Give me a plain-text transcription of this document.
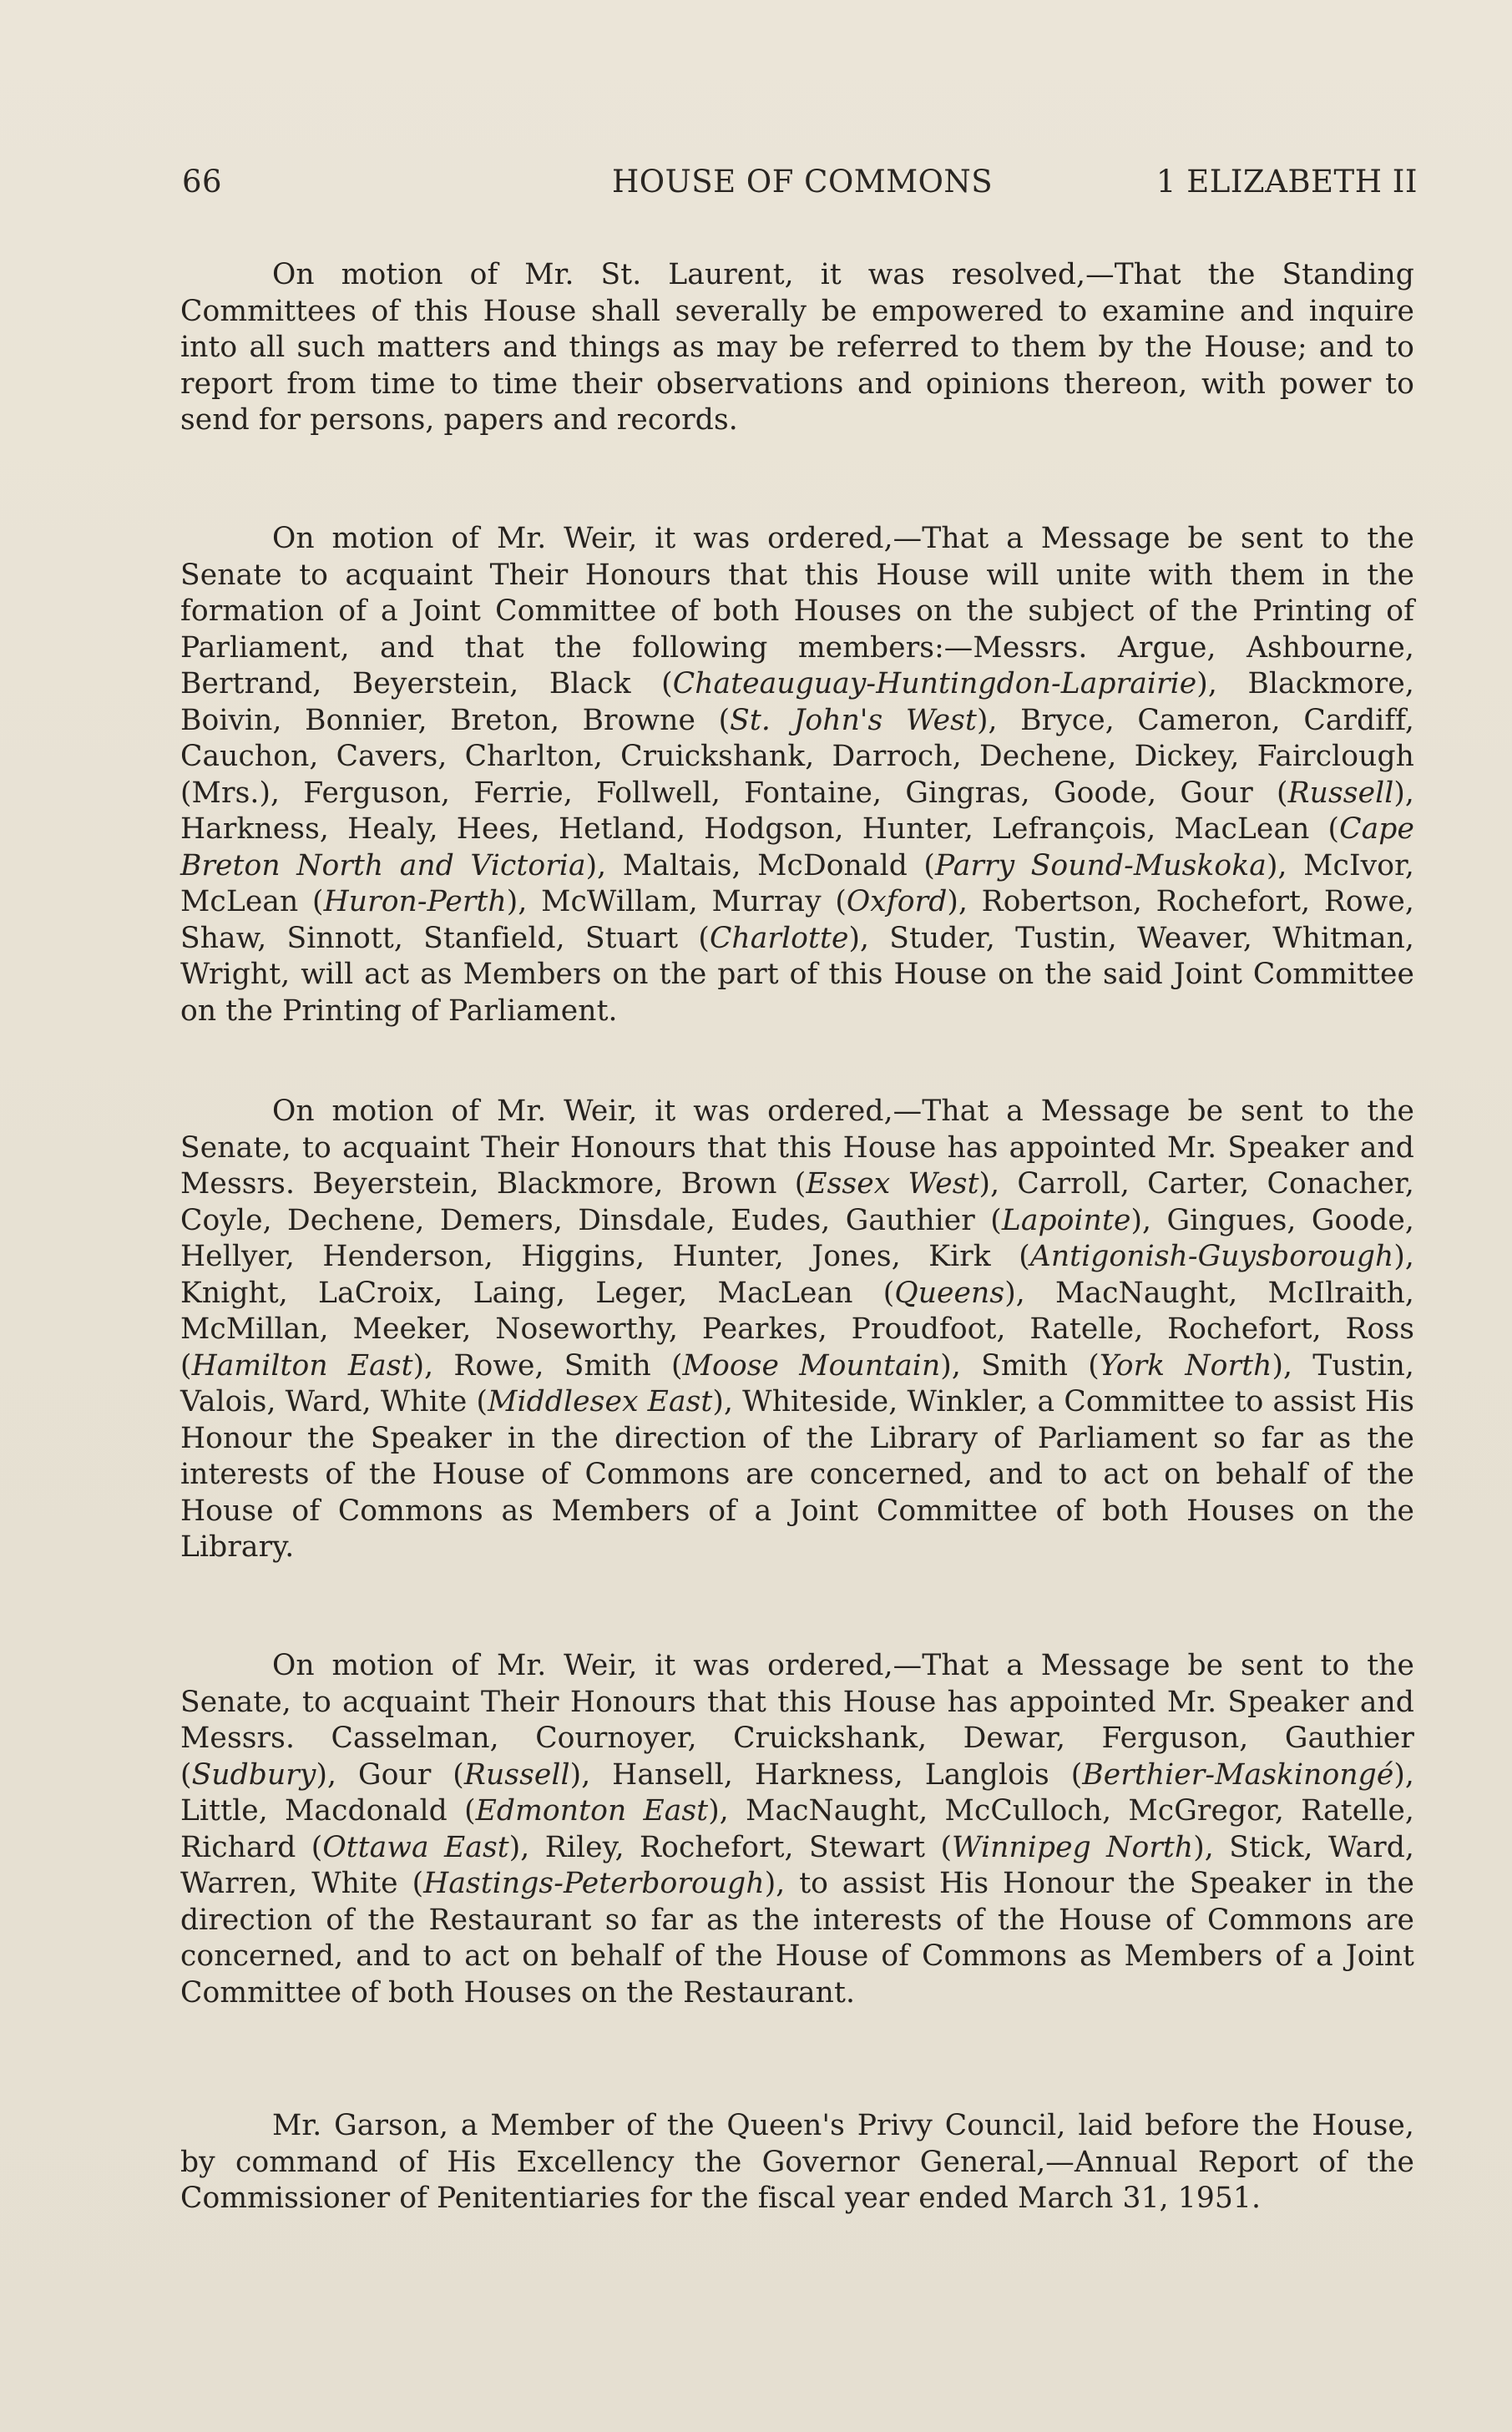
66	HOUSE OF COMMONS	1 ELIZABETH II

On motion of Mr. St. Laurent, it was resolved,—That the Standing Committees of this House shall severally be empowered to examine and inquire into all such matters and things as may be referred to them by the House; and to report from time to time their observations and opinions thereon, with power to send for persons, papers and records.

On motion of Mr. Weir, it was ordered,—That a Message be sent to the Senate to acquaint Their Honours that this House will unite with them in the formation of a Joint Committee of both Houses on the subject of the Printing of Parliament, and that the following members:—Messrs. Argue, Ashbourne, Bertrand, Beyerstein, Black (Chateauguay-Huntingdon-Laprairie), Blackmore, Boivin, Bonnier, Breton, Browne (St. John's West), Bryce, Cameron, Cardiff, Cauchon, Cavers, Charlton, Cruickshank, Darroch, Dechene, Dickey, Fairclough (Mrs.), Ferguson, Ferrie, Follwell, Fontaine, Gingras, Goode, Gour (Russell), Harkness, Healy, Hees, Hetland, Hodgson, Hunter, Lefrançois, MacLean (Cape Breton North and Victoria), Maltais, McDonald (Parry Sound-Muskoka), McIvor, McLean (Huron-Perth), McWillam, Murray (Oxford), Robertson, Rochefort, Rowe, Shaw, Sinnott, Stanfield, Stuart (Charlotte), Studer, Tustin, Weaver, Whitman, Wright, will act as Members on the part of this House on the said Joint Committee on the Printing of Parliament.

On motion of Mr. Weir, it was ordered,—That a Message be sent to the Senate, to acquaint Their Honours that this House has appointed Mr. Speaker and Messrs. Beyerstein, Blackmore, Brown (Essex West), Carroll, Carter, Conacher, Coyle, Dechene, Demers, Dinsdale, Eudes, Gauthier (Lapointe), Gingues, Goode, Hellyer, Henderson, Higgins, Hunter, Jones, Kirk (Antigonish-Guysborough), Knight, LaCroix, Laing, Leger, MacLean (Queens), MacNaught, McIlraith, McMillan, Meeker, Noseworthy, Pearkes, Proudfoot, Ratelle, Rochefort, Ross (Hamilton East), Rowe, Smith (Moose Mountain), Smith (York North), Tustin, Valois, Ward, White (Middlesex East), Whiteside, Winkler, a Committee to assist His Honour the Speaker in the direction of the Library of Parliament so far as the interests of the House of Commons are concerned, and to act on behalf of the House of Commons as Members of a Joint Committee of both Houses on the Library.

On motion of Mr. Weir, it was ordered,—That a Message be sent to the Senate, to acquaint Their Honours that this House has appointed Mr. Speaker and Messrs. Casselman, Cournoyer, Cruickshank, Dewar, Ferguson, Gauthier (Sudbury), Gour (Russell), Hansell, Harkness, Langlois (Berthier-Maskinongé), Little, Macdonald (Edmonton East), MacNaught, McCulloch, McGregor, Ratelle, Richard (Ottawa East), Riley, Rochefort, Stewart (Winnipeg North), Stick, Ward, Warren, White (Hastings-Peterborough), to assist His Honour the Speaker in the direction of the Restaurant so far as the interests of the House of Commons are concerned, and to act on behalf of the House of Commons as Members of a Joint Committee of both Houses on the Restaurant.

Mr. Garson, a Member of the Queen's Privy Council, laid before the House, by command of His Excellency the Governor General,—Annual Report of the Commissioner of Penitentiaries for the fiscal year ended March 31, 1951.
